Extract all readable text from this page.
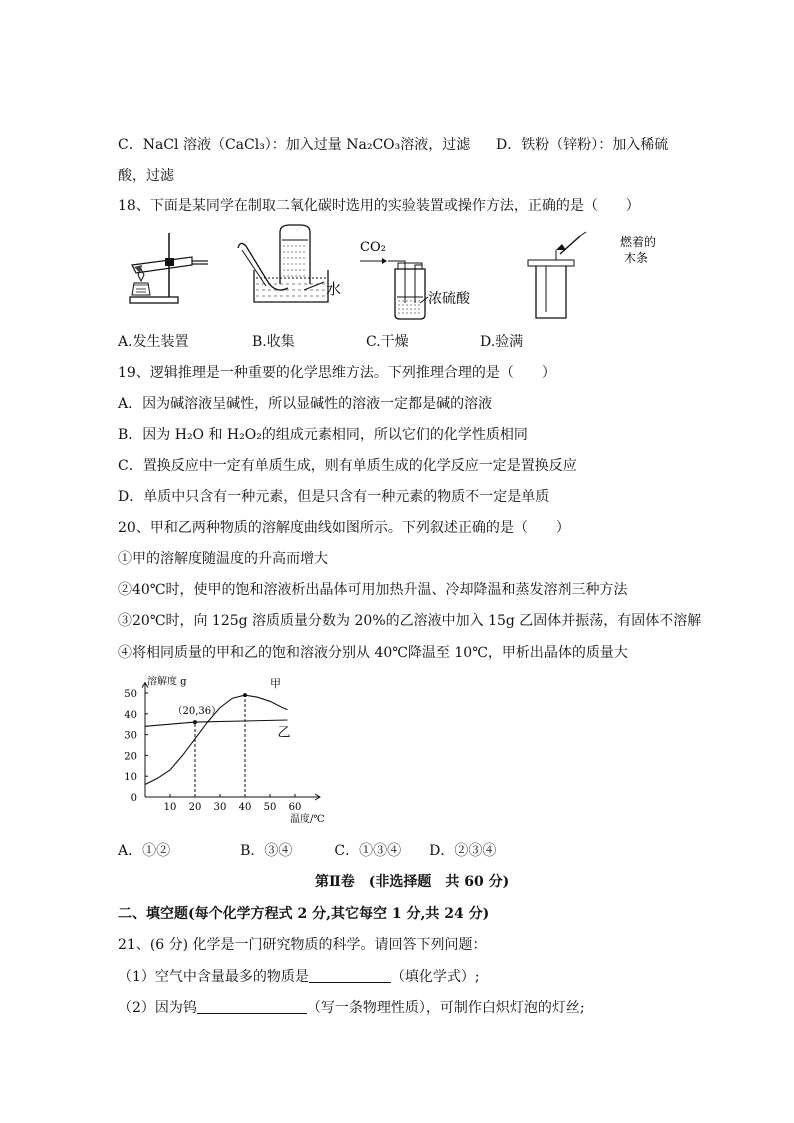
C．NaCl 溶液（CaCl₃）：加入过量 Na₂CO₃溶液，过滤 D．铁粉（锌粉）：加入稀硫
酸，过滤
18、下面是某同学在制取二氧化碳时选用的实验装置或操作方法，正确的是（　　）
水
CO₂
浓硫酸
燃着的
木条
A.发生装置	B.收集	C.干燥	D.验满
19、逻辑推理是一种重要的化学思维方法。下列推理合理的是（　　）
A．因为碱溶液呈碱性，所以显碱性的溶液一定都是碱的溶液
B．因为 H₂O 和 H₂O₂的组成元素相同，所以它们的化学性质相同
C．置换反应中一定有单质生成，则有单质生成的化学反应一定是置换反应
D．单质中只含有一种元素，但是只含有一种元素的物质不一定是单质
20、甲和乙两种物质的溶解度曲线如图所示。下列叙述正确的是（　　）
①甲的溶解度随温度的升高而增大
②40℃时，使甲的饱和溶液析出晶体可用加热升温、冷却降温和蒸发溶剂三种方法
③20℃时，向 125g 溶质质量分数为 20%的乙溶液中加入 15g 乙固体并振荡，有固体不溶解
④将相同质量的甲和乙的饱和溶液分别从 40℃降温至 10℃，甲析出晶体的质量大
10 20 30 40 50 60
0
10
20
30
40
50
溶解度 g
温度/℃
甲
乙
（20,36）
A．①②　　　　　B．③④　　　C．①③④　　D．②③④
第Ⅱ卷　(非选择题　共 60 分)
二、填空题(每个化学方程式 2 分,其它每空 1 分,共 24 分)
21、(6 分) 化学是一门研究物质的科学。请回答下列问题：
（1）空气中含量最多的物质是	（填化学式）;
（2）因为钨	（写一条物理性质），可制作白炽灯泡的灯丝;
